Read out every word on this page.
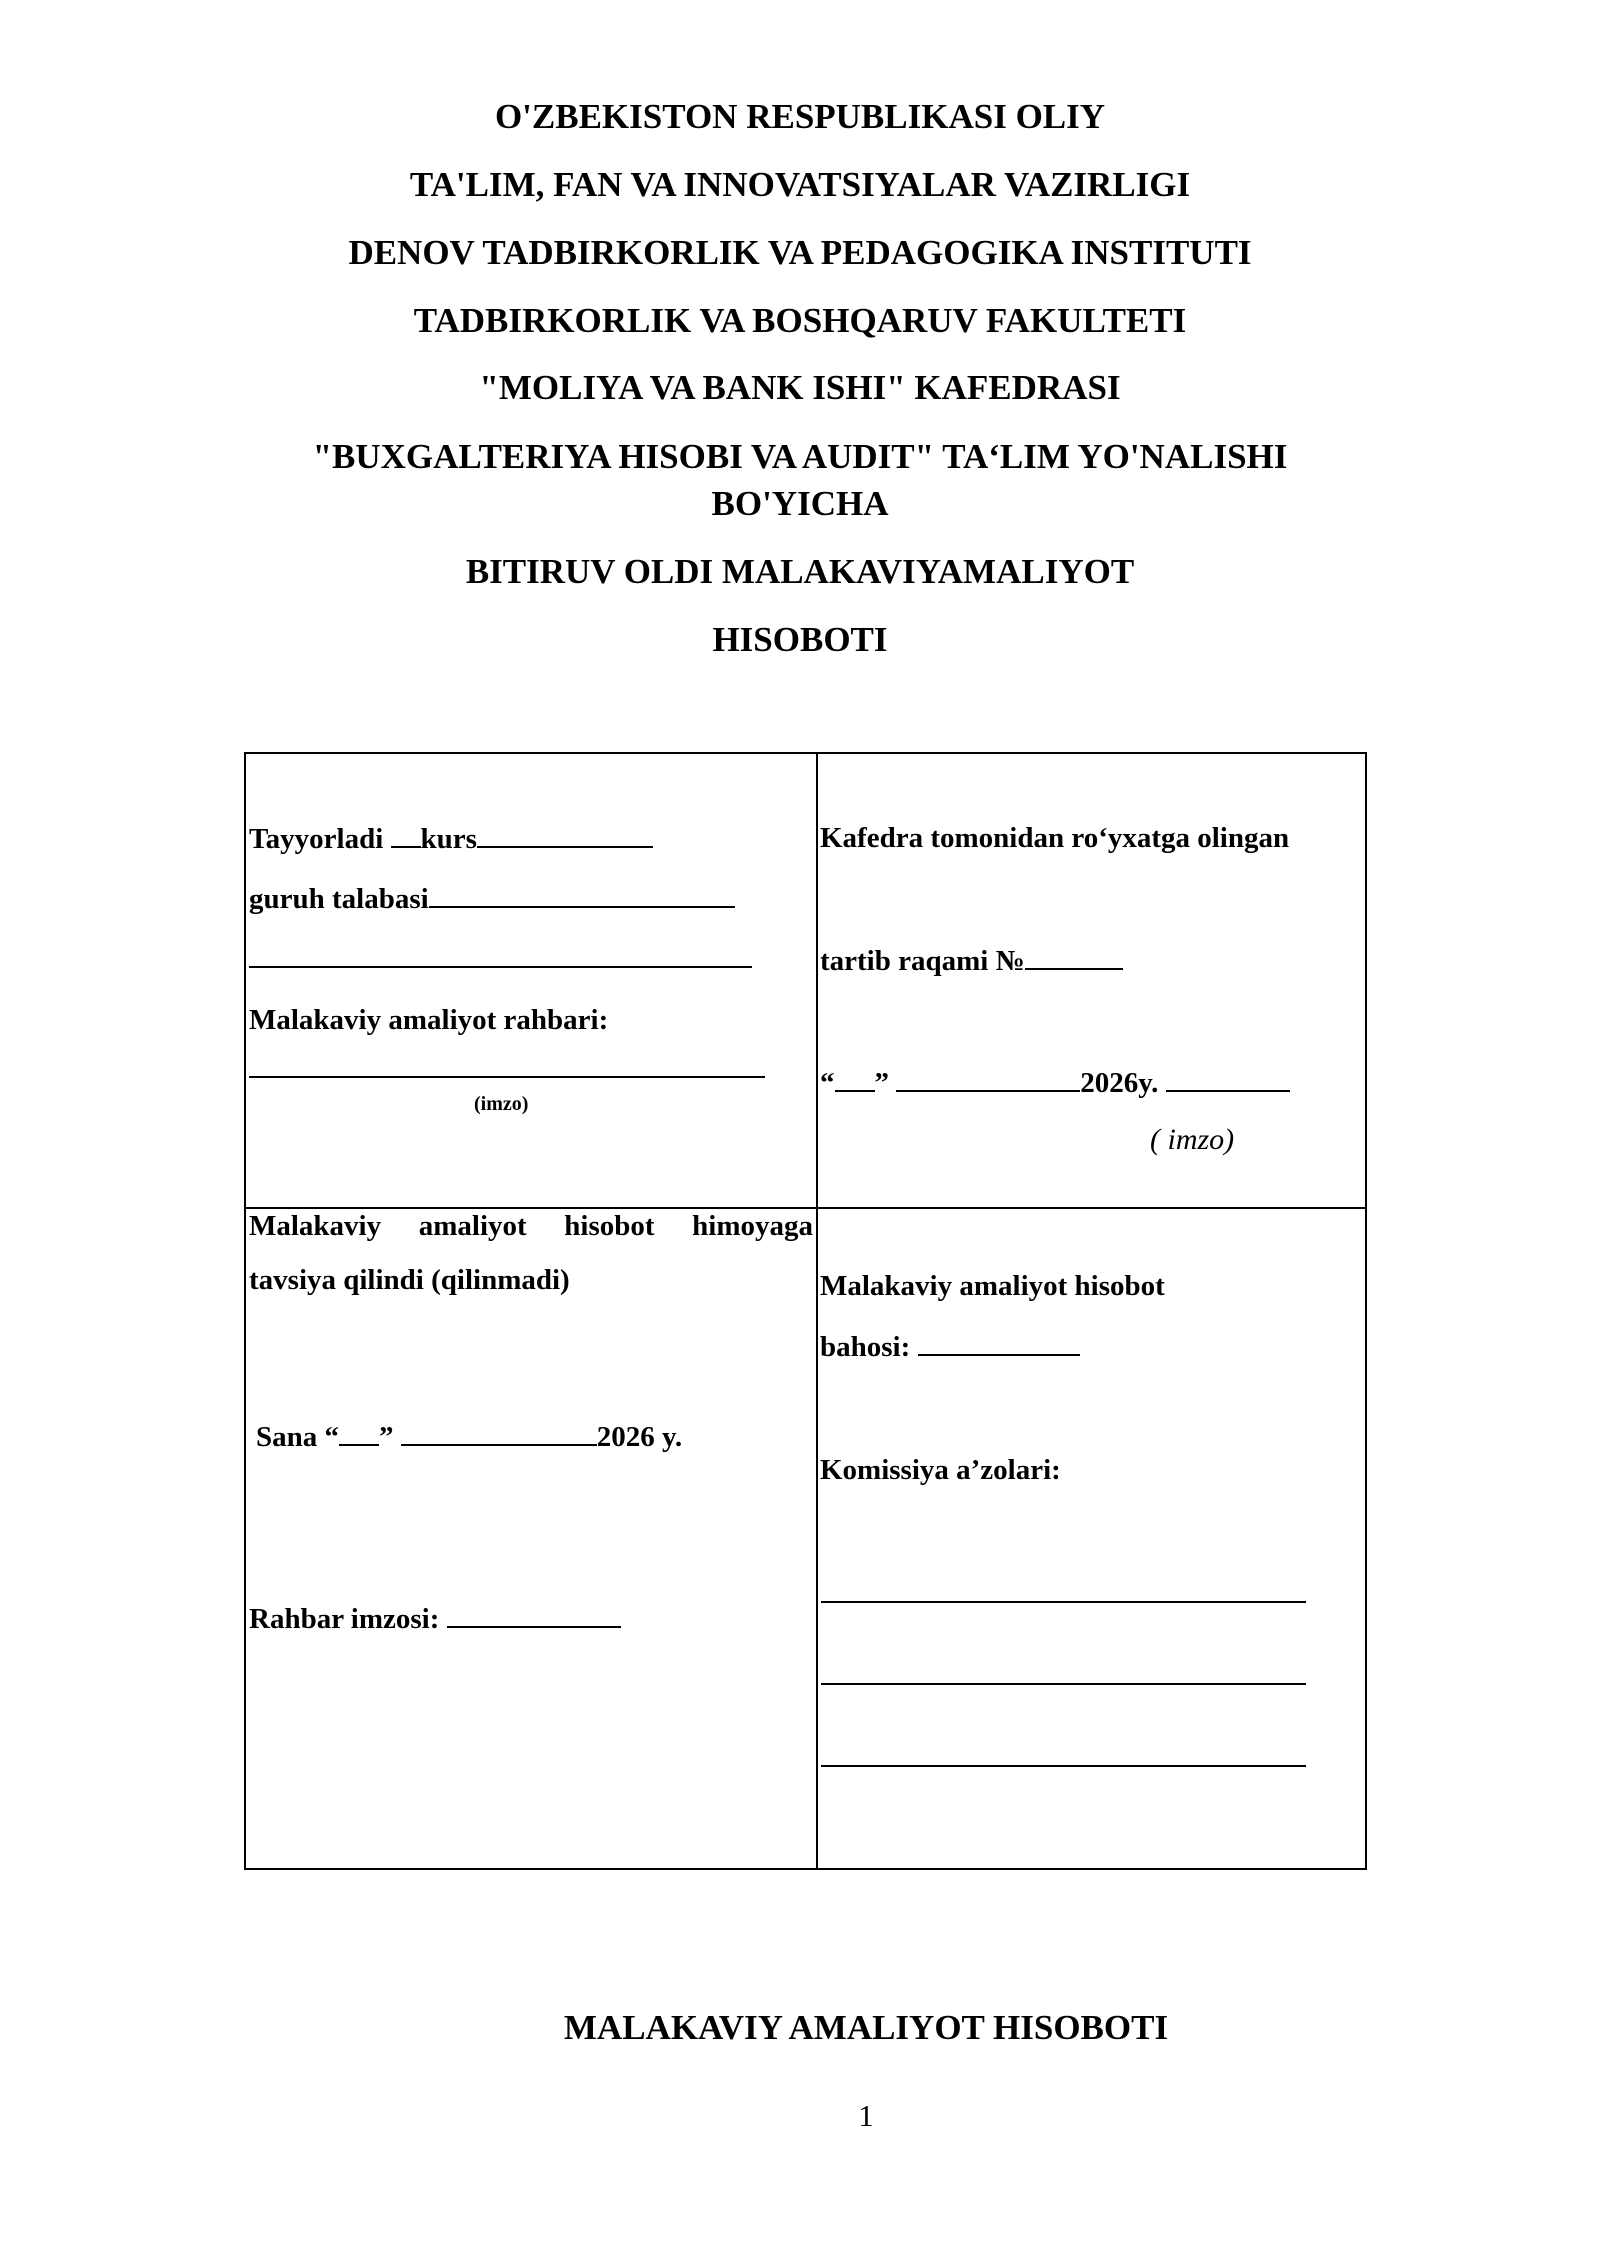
O'ZBEKISTON RESPUBLIKASI OLIY
TA'LIM, FAN VA INNOVATSIYALAR VAZIRLIGI
DENOV TADBIRKORLIK VA PEDAGOGIKA INSTITUTI
TADBIRKORLIK VA BOSHQARUV FAKULTETI
"MOLIYA VA BANK ISHI" KAFEDRASI
"BUXGALTERIYA HISOBI VA AUDIT" TA‘LIM YO'NALISHI
BO'YICHA
BITIRUV OLDI MALAKAVIYAMALIYOT
HISOBOTI
Tayyorladi kurs
guruh talabasi
Malakaviy amaliyot rahbari:
(imzo)
Kafedra tomonidan ro‘yxatga olingan
tartib raqami №
“ ”	2026y.
( imzo)
Malakaviy amaliyot hisobot himoyaga
tavsiya qilindi (qilinmadi)
Sana “ ”	2026 y.
Rahbar imzosi:
Malakaviy amaliyot hisobot
bahosi:
Komissiya a’zolari:
MALAKAVIY AMALIYOT HISOBOTI
1
